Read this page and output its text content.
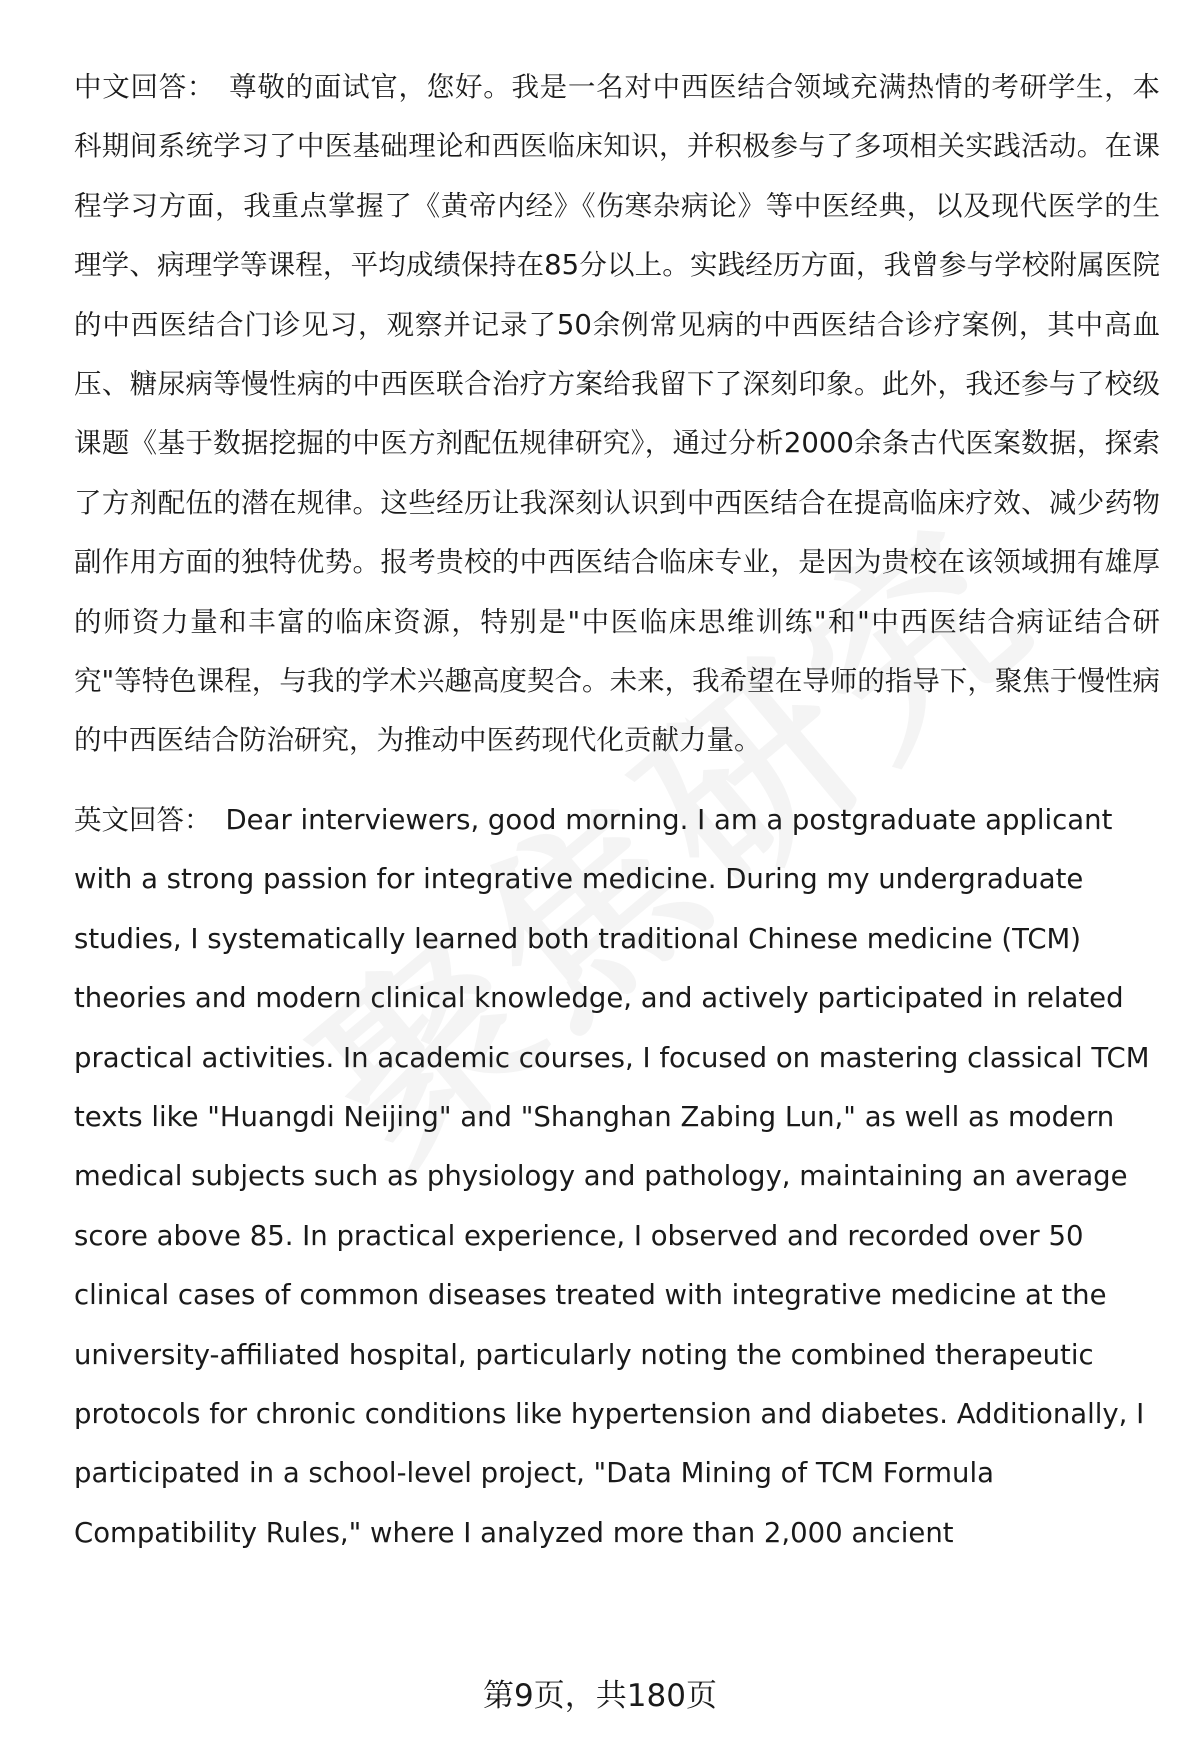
中文回答： 尊敬的面试官，您好。我是一名对中西医结合领域充满热情的考研学生，本科期间系统学习了中医基础理论和西医临床知识，并积极参与了多项相关实践活动。在课程学习方面，我重点掌握了《黄帝内经》《伤寒杂病论》等中医经典，以及现代医学的生理学、病理学等课程，平均成绩保持在85分以上。实践经历方面，我曾参与学校附属医院的中西医结合门诊见习，观察并记录了50余例常见病的中西医结合诊疗案例，其中高血压、糖尿病等慢性病的中西医联合治疗方案给我留下了深刻印象。此外，我还参与了校级课题《基于数据挖掘的中医方剂配伍规律研究》，通过分析2000余条古代医案数据，探索了方剂配伍的潜在规律。这些经历让我深刻认识到中西医结合在提高临床疗效、减少药物副作用方面的独特优势。报考贵校的中西医结合临床专业，是因为贵校在该领域拥有雄厚的师资力量和丰富的临床资源，特别是"中医临床思维训练"和"中西医结合病证结合研究"等特色课程，与我的学术兴趣高度契合。未来，我希望在导师的指导下，聚焦于慢性病的中西医结合防治研究，为推动中医药现代化贡献力量。

英文回答： Dear interviewers, good morning. I am a postgraduate applicant with a strong passion for integrative medicine. During my undergraduate studies, I systematically learned both traditional Chinese medicine (TCM) theories and modern clinical knowledge, and actively participated in related practical activities. In academic courses, I focused on mastering classical TCM texts like "Huangdi Neijing" and "Shanghan Zabing Lun," as well as modern medical subjects such as physiology and pathology, maintaining an average score above 85. In practical experience, I observed and recorded over 50 clinical cases of common diseases treated with integrative medicine at the university-affiliated hospital, particularly noting the combined therapeutic protocols for chronic conditions like hypertension and diabetes. Additionally, I participated in a school-level project, "Data Mining of TCM Formula Compatibility Rules," where I analyzed more than 2,000 ancient

第9页，共180页
